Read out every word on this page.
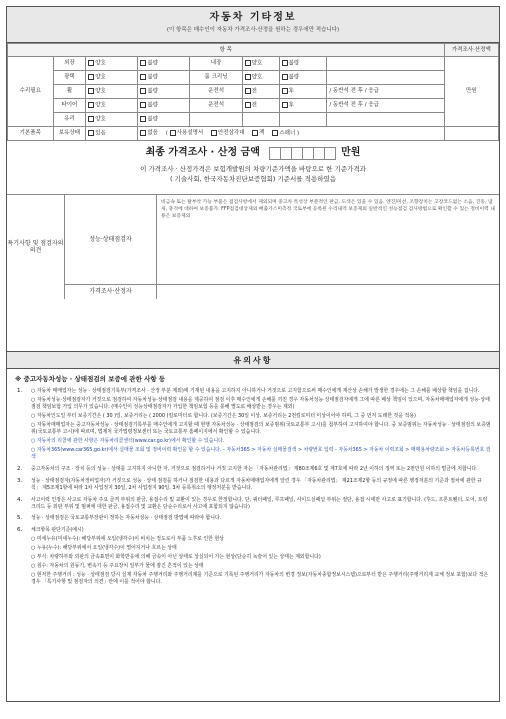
자동차 기타정보
(이 항목은 매수인이 자동차 가격조사·산정을 원하는 경우에만 적습니다)
항 목								가격조사·산정액
수리필요	외장	양호	불량	내장	양호	불량		만원
	광택	양호	불량	룸 크리닝	양호	불량		
	휠	양호	불량	운전석	전	후	/ 동반석 전 후 / 응급	
	타이어	양호	불량	운전석	전	후	/ 동반석 전 후 / 응급	
	유리	양호	불량					
기본품목	보유상태	있음	없음 ( 사용설명서 안전삼각대 잭 스패너 )					
최종 가격조사 · 산정 금액	만원
이 가격조사 · 산정가격은 보험개발원의 차량기준가액을 바탕으로 한 기준가격과
( 기술사회, 한국자동차진단보증협회) 기준서를 적용하였음
특기사항 및 점검자의 의견
성능·상태점검자
가격조사·산정자
비금속 또는 탈부착 가능 부품은 점검사항에서 제외되며 중고차 특성상 부분적인 판금, 도색은 있을 수 있음. 엔진/미션, 조향장치는 고장코드없는 소음, 진동, 냄새, 충격에 대하여 보증불가. FFP점검대상제외 배출가스미측정 국토부에 등록된 수리내역 보증제외 일반적인 성능점검 검사방법으로 확인할 수 있는 정비이력 내용은 보증제외
유의사항
※ 중고자동차성능 · 상태점검의 보증에 관한 사항 등
1.	○ 자동차 매매업자는 성능 · 상태점검기록부(가격조사 · 산정 부분 제외)에 기재된 내용을 고지하지 아니하거나 거짓으로 고지함으로써 매수인에게 재산상 손해가 발생한 경우에는 그 손해를 배상할 책임을 집니다.
○ 자동차성능·상태점검자가 거짓으로 점검하여 자동차성능·상태점검 내용을 제공하여 점검 이후 매수인에게 손해를 끼친 경우 자동차성능·상태점검자에게 그에 따른 배상 책임이 있으며, 자동차매매업자에게 성능·상태점검 책임보험 가입 의무가 있습니다. (매수인이 성능상태점검자가 가입한 책임보험 등을 통해 별도로 배상받는 경우는 제외)
○ 자동차인도일 부터 보증기간은 ( 30 )일, 보증거리는 ( 2000 )킬로미터로 합니다. (보증기간은 30일 이상, 보증거리는 2천킬로미터 이상이어야 하며, 그 중 먼저 도래한 것을 적용)
○ 자동차매매업자는 중고자동차성능 · 상태점검기록부를 매수인에게 고지할 때 현행 자동차성능 · 상태점검의 보증범위(국토교통부 고시)를 첨부하여 고지하여야 합니다. 중 보증범위는 자동차성능 · 상태점검의 보증범위(국토교통부 고시)에 따르며, 법제처 국가법령정보센터 또는 국토교통부 홈페이지에서 확인할 수 있습니다.
○ 자동차의 리콜에 관한 사항은 자동차리콜센터(www.car.go.kr)에서 확인할 수 있습니다.
○ 자동차365(www.car365.go.kr)에서 실매물 조회 및 정비이력 확인을 할 수 있습니다. - 자동차365 > 자동차 실매물검색 > 차량번호 입력 - 자동차365 > 자동차 이력조회 > 매매용차량조회 > 자동차등록번호 검색
2.	중고자동차의 구조 · 장치 등의 성능 · 상태를 고지하지 아니한 자, 거짓으로 점검하거나 거짓 고지한 자는 「자동차관리법」 제80조제6호 및 제7호에 따라 2년 이하의 징역 또는 2천만원 이하의 벌금에 처합니다.
3.	성능 · 상태점검자(자동차정비업자)가 거짓으로 성능 · 상태 점검을 하거나 점검한 내용과 다르게 자동차매매업자에게 알린 경우 「자동차관리법」 제21조제2항 등의 규정에 따른 행정처분의 기준과 절차에 관한 규칙」 제5조제1항에 따라 1차 사업정지 30일, 2차 사업정지 90일, 3차 등록취소의 행정처분을 받습니다.
4.	사고이력 인정은 사고로 자동차 주요 골격 부위의 판금, 용접수리 및 교환이 있는 경우로 한정합니다. 단, 쿼터패널, 루프패널, 사이드실패널 부위는 절단, 용접 시에만 사고로 표기합니다. (후드, 프론트휀더, 도어, 트렁크리드 등 외판 부위 및 범퍼에 대한 판금, 용접수리 및 교환은 단순수리로서 사고에 포함되지 않습니다)
5.	성능 · 상태점검은 국토교통부장관이 정하는 자동차성능 · 상태점검 방법에 따라야 합니다.
6.	체크항목 판단기준(예시)
○ 미세누유(미세누수): 해당부위에 오일(냉각수)이 비치는 정도로서 부품 노후로 인한 현상
○ 누유(누수): 해당부위에서 오일(냉각수)이 떨어지거나 흐르는 상태
○ 부식: 차량하부와 외판의 금속표면이 화학반응에 의해 금속이 아닌 상태로 상실되어 가는 현상(단순히 녹슬어 있는 상태는 제외합니다)
○ 침수: 자동차의 원동기, 변속기 등 주요장치 일부가 물에 잠긴 흔적이 있는 상태
○ 현저한 주행거리 : 성능 · 상태점검 당시 실제 자동차 주행거리와 주행거리계를 기준으로 기록된 주행거리가 자동차의 변경 정보(자동차종합정보시스템)으로부터 받은 주행거리(주행거리계 교체 정보 포함)보다 적은 경우 「특기사항 및 점검자의 의견」란에 이를 적어야 합니다.
